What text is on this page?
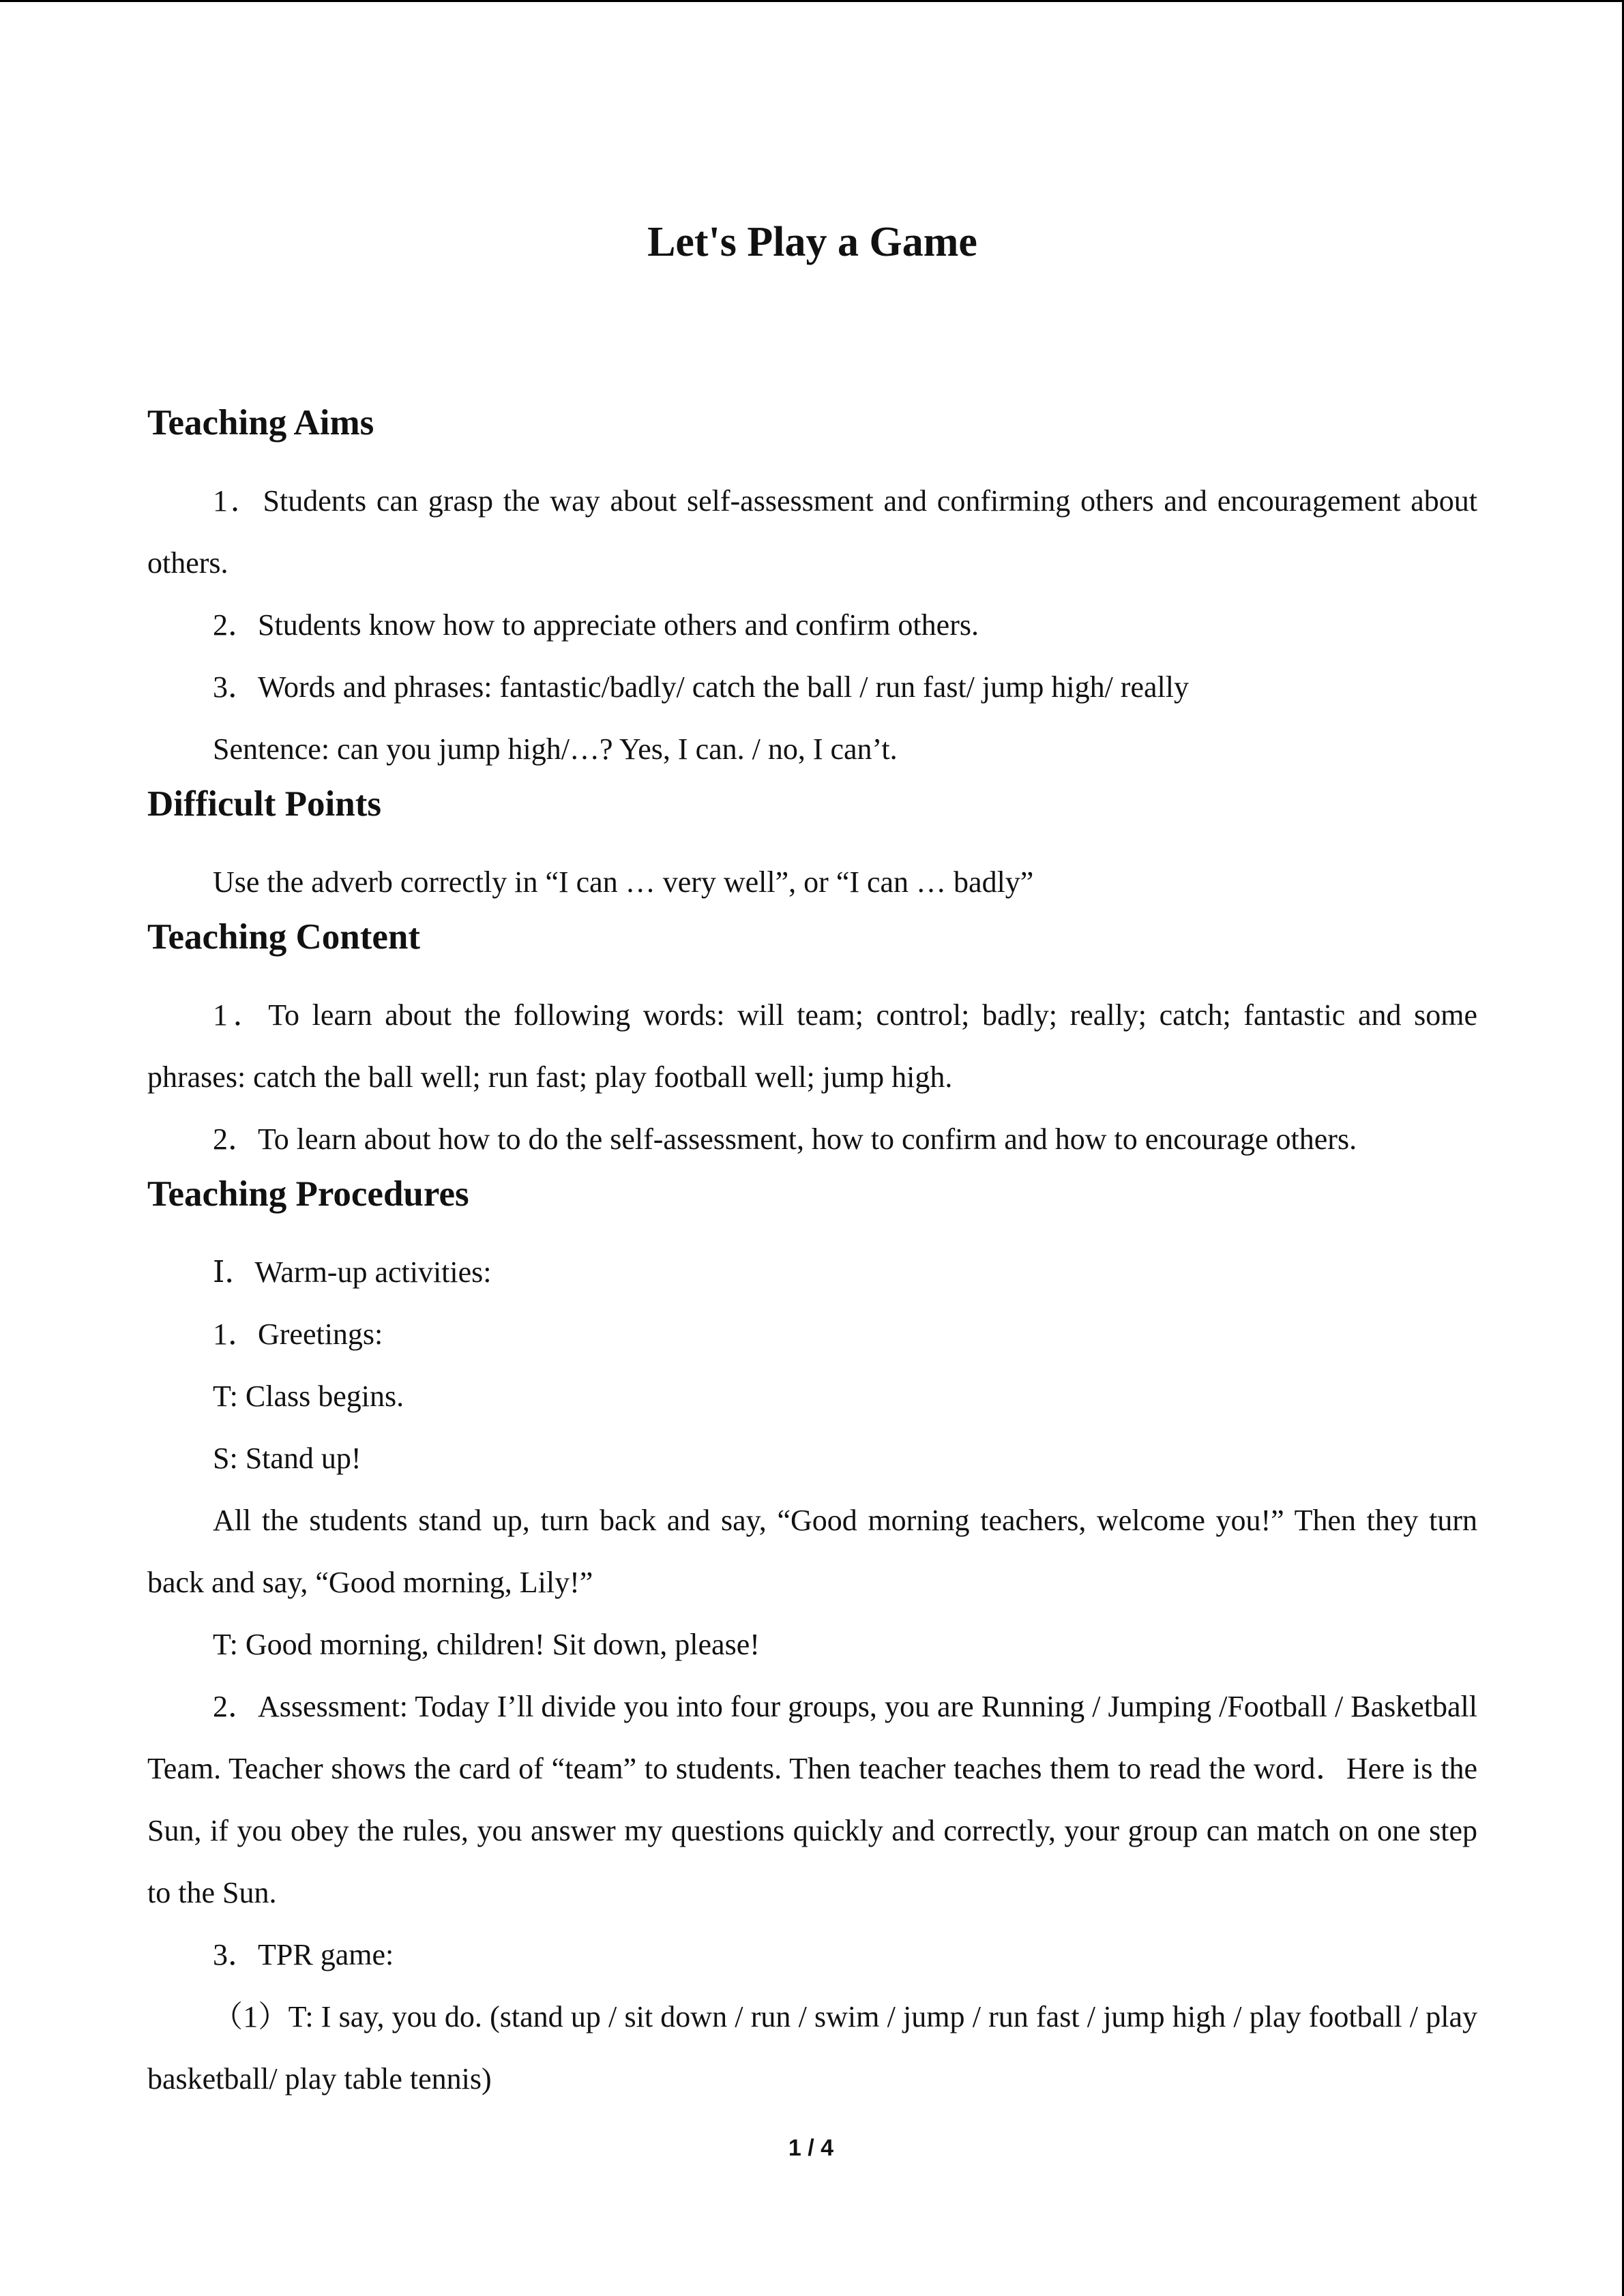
Let's Play a Game
Teaching Aims

1．Students can grasp the way about self-assessment and confirming others and encouragement about others.

2．Students know how to appreciate others and confirm others.

3．Words and phrases: fantastic/badly/ catch the ball / run fast/ jump high/ really

Sentence: can you jump high/…? Yes, I can. / no, I can’t.

Difficult Points

Use the adverb correctly in “I can … very well”, or “I can … badly”

Teaching Content

1．To learn about the following words: will team; control; badly; really; catch; fantastic and some phrases: catch the ball well; run fast; play football well; jump high.

2．To learn about how to do the self-assessment, how to confirm and how to encourage others.

Teaching Procedures

Ⅰ．Warm-up activities:

1．Greetings:

T: Class begins.

S: Stand up!

All the students stand up, turn back and say, “Good morning teachers, welcome you!” Then they turn back and say, “Good morning, Lily!”

T: Good morning, children! Sit down, please!

2．Assessment: Today I’ll divide you into four groups, you are Running / Jumping /Football / Basketball Team. Teacher shows the card of “team” to students. Then teacher teaches them to read the word．Here is the Sun, if you obey the rules, you answer my questions quickly and correctly, your group can match on one step to the Sun.

3．TPR game:

（1）T: I say, you do. (stand up / sit down / run / swim / jump / run fast / jump high / play football / play basketball/ play table tennis)

1 / 4
